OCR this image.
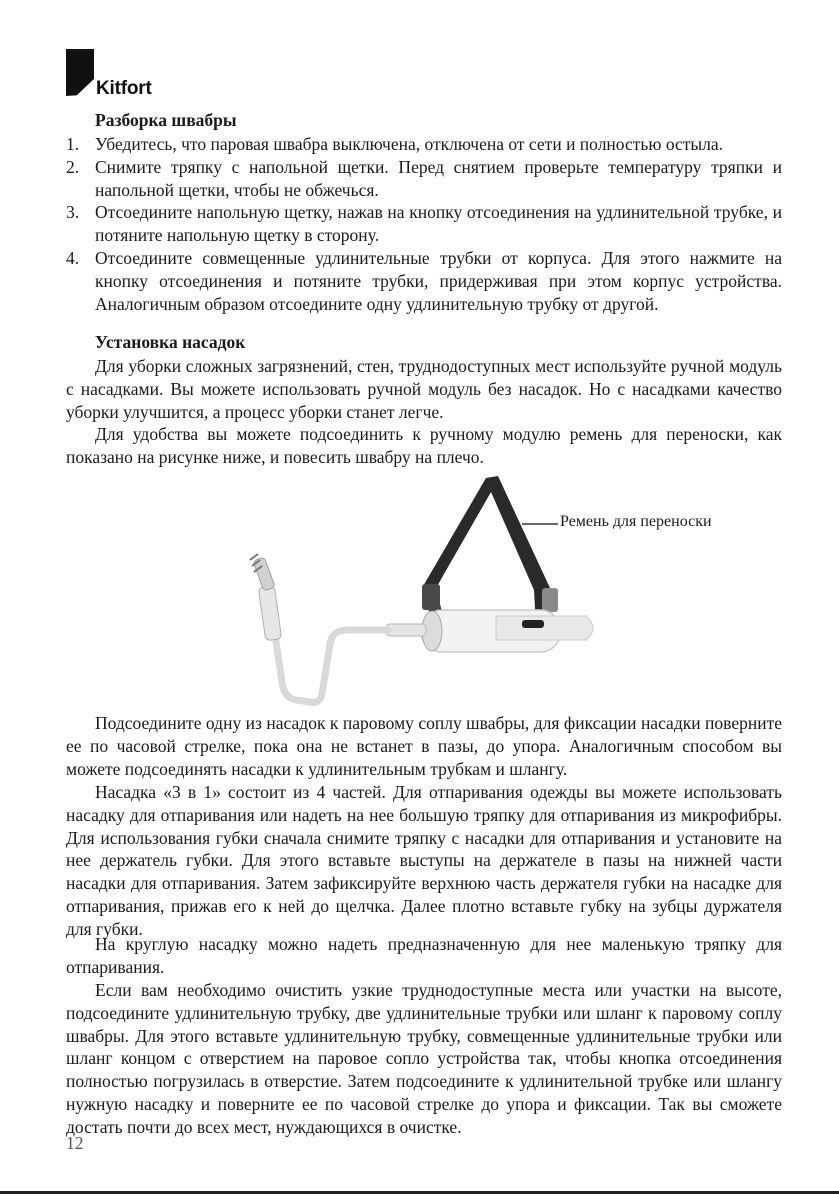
Kitfort
Разборка швабры
1. Убедитесь, что паровая швабра выключена, отключена от сети и полностью остыла.
2. Снимите тряпку с напольной щетки. Перед снятием проверьте температуру тряпки и напольной щетки, чтобы не обжечься.
3. Отсоедините напольную щетку, нажав на кнопку отсоединения на удлинительной трубке, и потяните напольную щетку в сторону.
4. Отсоедините совмещенные удлинительные трубки от корпуса. Для этого нажмите на кнопку отсоединения и потяните трубки, придерживая при этом корпус устройства. Аналогичным образом отсоедините одну удлинительную трубку от другой.
Установка насадок
Для уборки сложных загрязнений, стен, труднодоступных мест используйте ручной модуль с насадками. Вы можете использовать ручной модуль без насадок. Но с насадками качество уборки улучшится, а процесс уборки станет легче.
Для удобства вы можете подсоединить к ручному модулю ремень для переноски, как показано на рисунке ниже, и повесить швабру на плечо.
Ремень для переноски
Подсоедините одну из насадок к паровому соплу швабры, для фиксации насадки поверните ее по часовой стрелке, пока она не встанет в пазы, до упора. Аналогичным способом вы можете подсоединять насадки к удлинительным трубкам и шлангу.
Насадка «3 в 1» состоит из 4 частей. Для отпаривания одежды вы можете использовать насадку для отпаривания или надеть на нее большую тряпку для отпаривания из микрофибры. Для использования губки сначала снимите тряпку с насадки для отпаривания и установите на нее держатель губки. Для этого вставьте выступы на держателе в пазы на нижней части насадки для отпаривания. Затем зафиксируйте верхнюю часть держателя губки на насадке для отпаривания, прижав его к ней до щелчка. Далее плотно вставьте губку на зубцы дуржателя для губки.
На круглую насадку можно надеть предназначенную для нее маленькую тряпку для отпаривания.
Если вам необходимо очистить узкие труднодоступные места или участки на высоте, подсоедините удлинительную трубку, две удлинительные трубки или шланг к паровому соплу швабры. Для этого вставьте удлинительную трубку, совмещенные удлинительные трубки или шланг концом с отверстием на паровое сопло устройства так, чтобы кнопка отсоединения полностью погрузилась в отверстие. Затем подсоедините к удлинительной трубке или шлангу нужную насадку и поверните ее по часовой стрелке до упора и фиксации. Так вы сможете достать почти до всех мест, нуждающихся в очистке.
12
